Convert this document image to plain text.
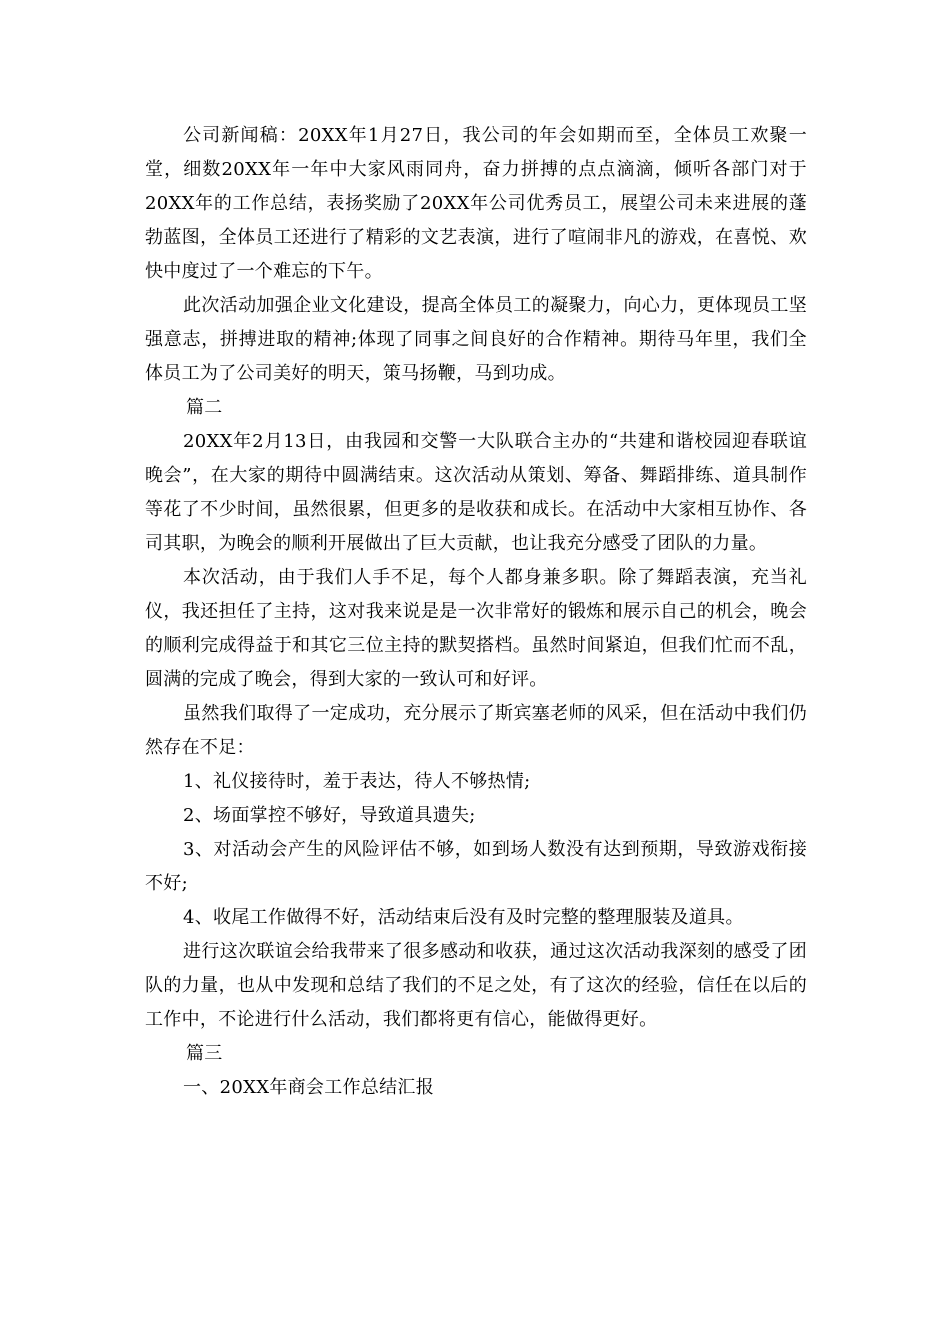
公司新闻稿：20XX年1月27日，我公司的年会如期而至，全体员工欢聚一堂，细数20XX年一年中大家风雨同舟，奋力拼搏的点点滴滴，倾听各部门对于20XX年的工作总结，表扬奖励了20XX年公司优秀员工，展望公司未来进展的蓬勃蓝图，全体员工还进行了精彩的文艺表演，进行了喧闹非凡的游戏，在喜悦、欢快中度过了一个难忘的下午。

此次活动加强企业文化建设，提高全体员工的凝聚力，向心力，更体现员工坚强意志，拼搏进取的精神;体现了同事之间良好的合作精神。期待马年里，我们全体员工为了公司美好的明天，策马扬鞭，马到功成。

篇二

20XX年2月13日，由我园和交警一大队联合主办的“共建和谐校园迎春联谊晚会”，在大家的期待中圆满结束。这次活动从策划、筹备、舞蹈排练、道具制作等花了不少时间，虽然很累，但更多的是收获和成长。在活动中大家相互协作、各司其职，为晚会的顺利开展做出了巨大贡献，也让我充分感受了团队的力量。

本次活动，由于我们人手不足，每个人都身兼多职。除了舞蹈表演，充当礼仪，我还担任了主持，这对我来说是是一次非常好的锻炼和展示自己的机会，晚会的顺利完成得益于和其它三位主持的默契搭档。虽然时间紧迫，但我们忙而不乱，圆满的完成了晚会，得到大家的一致认可和好评。

虽然我们取得了一定成功，充分展示了斯宾塞老师的风采，但在活动中我们仍然存在不足：

1、礼仪接待时，羞于表达，待人不够热情;

2、场面掌控不够好，导致道具遗失;

3、对活动会产生的风险评估不够，如到场人数没有达到预期，导致游戏衔接不好;

4、收尾工作做得不好，活动结束后没有及时完整的整理服装及道具。

进行这次联谊会给我带来了很多感动和收获，通过这次活动我深刻的感受了团队的力量，也从中发现和总结了我们的不足之处，有了这次的经验，信任在以后的工作中，不论进行什么活动，我们都将更有信心，能做得更好。

篇三

一、20XX年商会工作总结汇报
